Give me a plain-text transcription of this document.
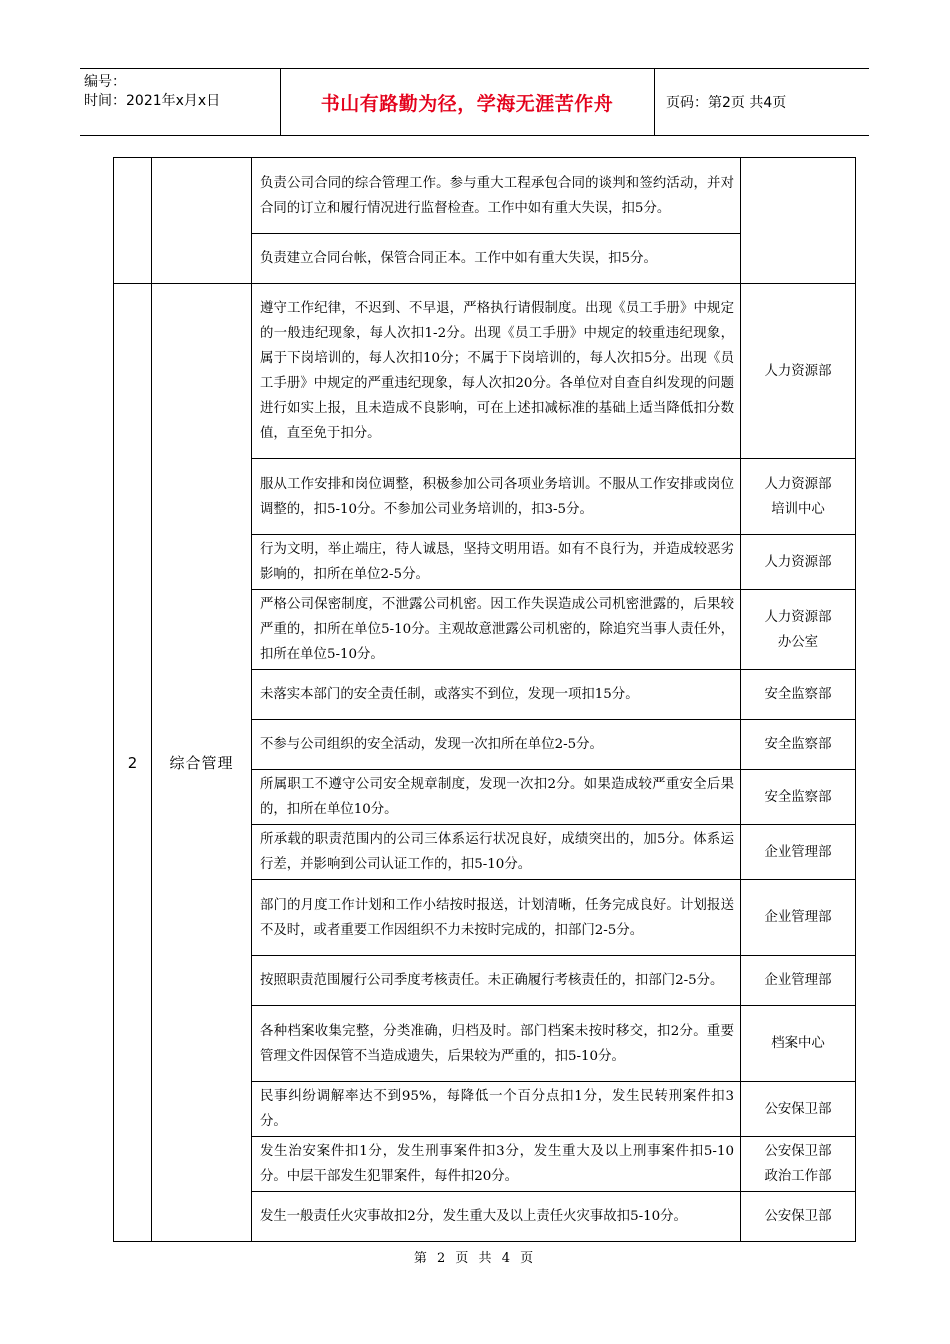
编号：
时间：2021年x月x日	书山有路勤为径，学海无涯苦作舟	页码：第2页 共4页
		负责公司合同的综合管理工作。参与重大工程承包合同的谈判和签约活动，并对合同的订立和履行情况进行监督检查。工作中如有重大失误，扣5分。	
		负责建立合同台帐，保管合同正本。工作中如有重大失误，扣5分。	
2	综合管理	遵守工作纪律，不迟到、不早退，严格执行请假制度。出现《员工手册》中规定的一般违纪现象，每人次扣1-2分。出现《员工手册》中规定的较重违纪现象，属于下岗培训的，每人次扣10分；不属于下岗培训的，每人次扣5分。出现《员工手册》中规定的严重违纪现象，每人次扣20分。各单位对自查自纠发现的问题进行如实上报，且未造成不良影响，可在上述扣减标准的基础上适当降低扣分数值，直至免于扣分。	人力资源部

		服从工作安排和岗位调整，积极参加公司各项业务培训。不服从工作安排或岗位调整的，扣5-10分。不参加公司业务培训的，扣3-5分。	人力资源部
培训中心

		行为文明，举止端庄，待人诚恳，坚持文明用语。如有不良行为，并造成较恶劣影响的，扣所在单位2-5分。	人力资源部

		严格公司保密制度，不泄露公司机密。因工作失误造成公司机密泄露的，后果较严重的，扣所在单位5-10分。主观故意泄露公司机密的，除追究当事人责任外，扣所在单位5-10分。	人力资源部
办公室

		未落实本部门的安全责任制，或落实不到位，发现一项扣15分。	安全监察部

		不参与公司组织的安全活动，发现一次扣所在单位2-5分。	安全监察部

		所属职工不遵守公司安全规章制度，发现一次扣2分。如果造成较严重安全后果的，扣所在单位10分。	安全监察部

		所承载的职责范围内的公司三体系运行状况良好，成绩突出的，加5分。体系运行差，并影响到公司认证工作的，扣5-10分。	企业管理部

		部门的月度工作计划和工作小结按时报送，计划清晰，任务完成良好。计划报送不及时，或者重要工作因组织不力未按时完成的，扣部门2-5分。	企业管理部

		按照职责范围履行公司季度考核责任。未正确履行考核责任的，扣部门2-5分。	企业管理部

		各种档案收集完整，分类准确，归档及时。部门档案未按时移交，扣2分。重要管理文件因保管不当造成遗失，后果较为严重的，扣5-10分。	档案中心

		民事纠纷调解率达不到95%，每降低一个百分点扣1分，发生民转刑案件扣3分。	公安保卫部

		发生治安案件扣1分，发生刑事案件扣3分，发生重大及以上刑事案件扣5-10分。中层干部发生犯罪案件，每件扣20分。	公安保卫部
政治工作部

		发生一般责任火灾事故扣2分，发生重大及以上责任火灾事故扣5-10分。	公安保卫部
第 2 页 共 4 页
